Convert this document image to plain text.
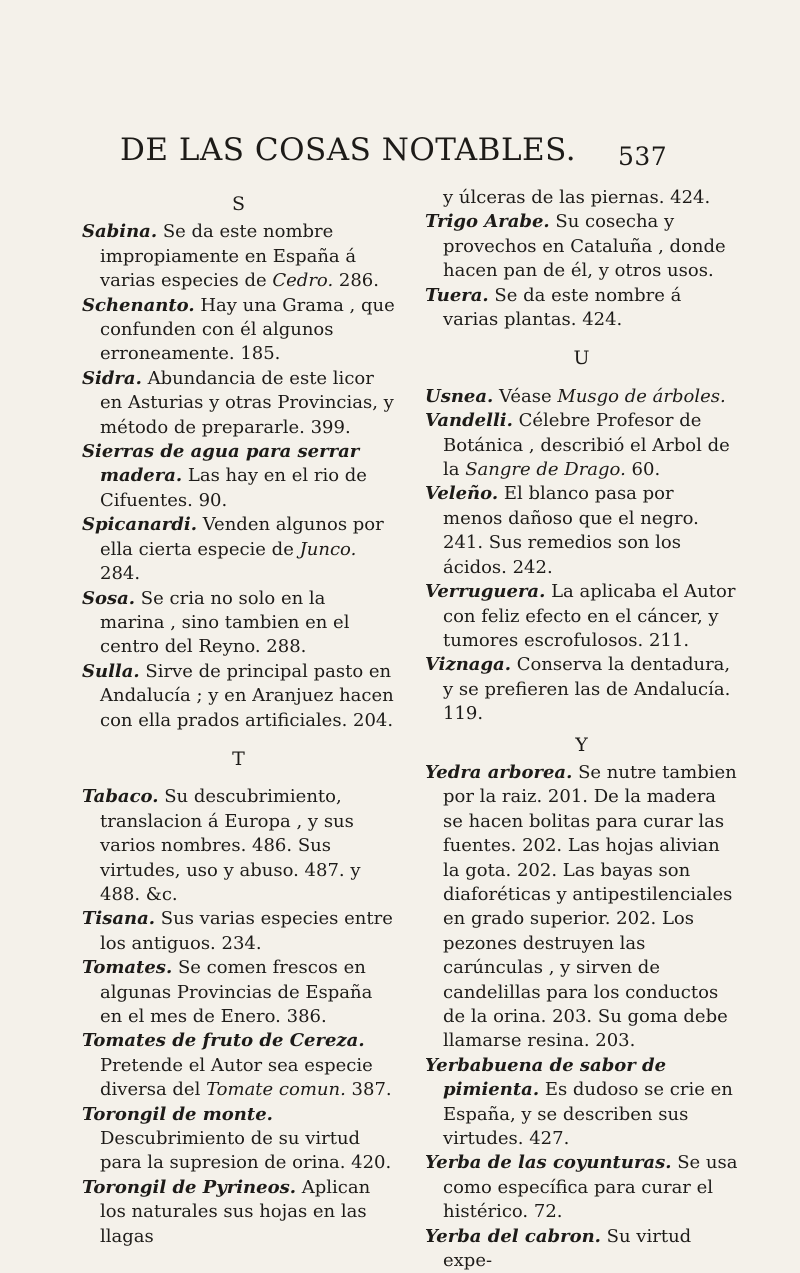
DE LAS COSAS NOTABLES. 537
S

Sabina. Se da este nombre impropiamente en España á varias especies de Cedro. 286.

Schenanto. Hay una Grama , que confunden con él algunos erroneamente. 185.

Sidra. Abundancia de este licor en Asturias y otras Provincias, y método de prepararle. 399.

Sierras de agua para serrar madera. Las hay en el rio de Cifuentes. 90.

Spicanardi. Venden algunos por ella cierta especie de Junco. 284.

Sosa. Se cria no solo en la marina , sino tambien en el centro del Reyno. 288.

Sulla. Sirve de principal pasto en Andalucía ; y en Aranjuez hacen con ella prados artificiales. 204.

T

Tabaco. Su descubrimiento, translacion á Europa , y sus varios nombres. 486. Sus virtudes, uso y abuso. 487. y 488. &c.

Tisana. Sus varias especies entre los antiguos. 234.

Tomates. Se comen frescos en algunas Provincias de España en el mes de Enero. 386.

Tomates de fruto de Cereza. Pretende el Autor sea especie diversa del Tomate comun. 387.

Torongil de monte. Descubrimiento de su virtud para la supresion de orina. 420.

Torongil de Pyrineos. Aplican los naturales sus hojas en las llagas

y úlceras de las piernas. 424.

Trigo Arabe. Su cosecha y provechos en Cataluña , donde hacen pan de él, y otros usos.

Tuera. Se da este nombre á varias plantas. 424.

U

Usnea. Véase Musgo de árboles.

Vandelli. Célebre Profesor de Botánica , describió el Arbol de la Sangre de Drago. 60.

Veleño. El blanco pasa por menos dañoso que el negro. 241. Sus remedios son los ácidos. 242.

Verruguera. La aplicaba el Autor con feliz efecto en el cáncer, y tumores escrofulosos. 211.

Viznaga. Conserva la dentadura, y se prefieren las de Andalucía. 119.

Y

Yedra arborea. Se nutre tambien por la raiz. 201. De la madera se hacen bolitas para curar las fuentes. 202. Las hojas alivian la gota. 202. Las bayas son diaforéticas y antipestilenciales en grado superior. 202. Los pezones destruyen las carúnculas , y sirven de candelillas para los conductos de la orina. 203. Su goma debe llamarse resina. 203.

Yerbabuena de sabor de pimienta. Es dudoso se crie en España, y se describen sus virtudes. 427.

Yerba de las coyunturas. Se usa como específica para curar el histérico. 72.

Yerba del cabron. Su virtud expe-
